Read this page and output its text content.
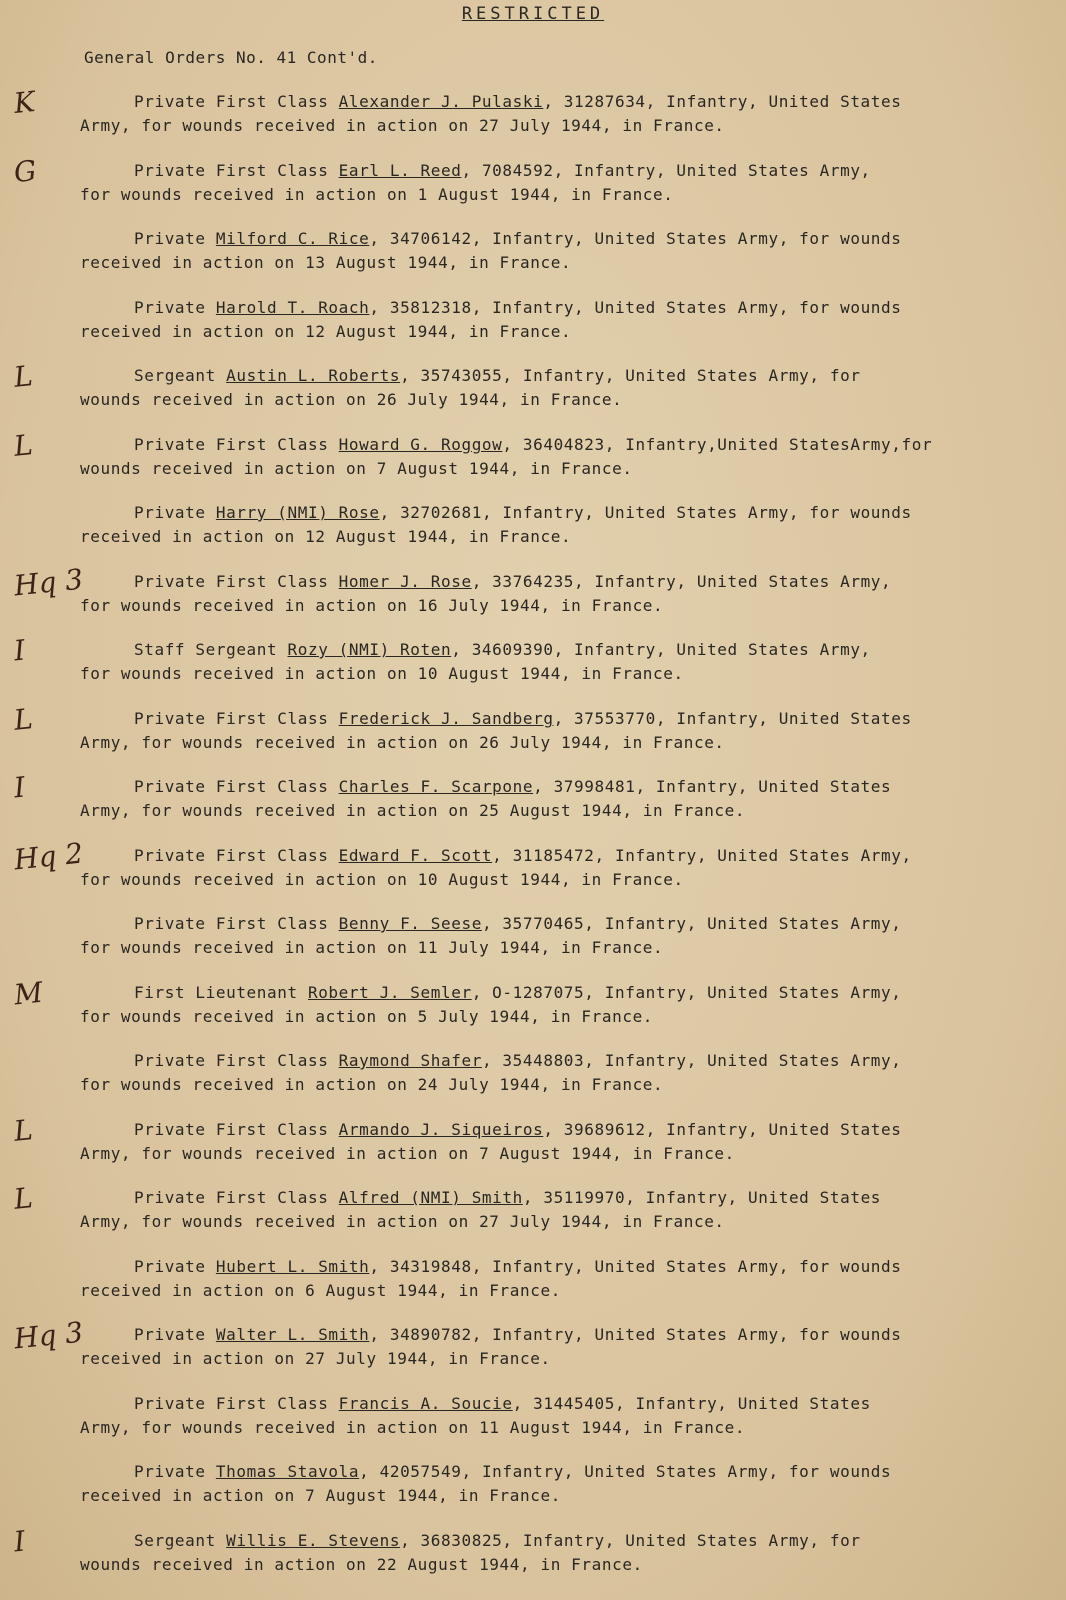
RESTRICTED
General Orders No. 41 Cont'd.
Private First Class Alexander J. Pulaski, 31287634, Infantry, United States
Army, for wounds received in action on 27 July 1944, in France.
K
Private First Class Earl L. Reed, 7084592, Infantry, United States Army,
for wounds received in action on 1 August 1944, in France.
G
Private Milford C. Rice, 34706142, Infantry, United States Army, for wounds
received in action on 13 August 1944, in France.
Private Harold T. Roach, 35812318, Infantry, United States Army, for wounds
received in action on 12 August 1944, in France.
Sergeant Austin L. Roberts, 35743055, Infantry, United States Army, for
wounds received in action on 26 July 1944, in France.
L
Private First Class Howard G. Roggow, 36404823, Infantry,United StatesArmy,for
wounds received in action on 7 August 1944, in France.
L
Private Harry (NMI) Rose, 32702681, Infantry, United States Army, for wounds
received in action on 12 August 1944, in France.
Private First Class Homer J. Rose, 33764235, Infantry, United States Army,
for wounds received in action on 16 July 1944, in France.
Hq 3
Staff Sergeant Rozy (NMI) Roten, 34609390, Infantry, United States Army,
for wounds received in action on 10 August 1944, in France.
I
Private First Class Frederick J. Sandberg, 37553770, Infantry, United States
Army, for wounds received in action on 26 July 1944, in France.
L
Private First Class Charles F. Scarpone, 37998481, Infantry, United States
Army, for wounds received in action on 25 August 1944, in France.
I
Private First Class Edward F. Scott, 31185472, Infantry, United States Army,
for wounds received in action on 10 August 1944, in France.
Hq 2
Private First Class Benny F. Seese, 35770465, Infantry, United States Army,
for wounds received in action on 11 July 1944, in France.
First Lieutenant Robert J. Semler, O-1287075, Infantry, United States Army,
for wounds received in action on 5 July 1944, in France.
M
Private First Class Raymond Shafer, 35448803, Infantry, United States Army,
for wounds received in action on 24 July 1944, in France.
Private First Class Armando J. Siqueiros, 39689612, Infantry, United States
Army, for wounds received in action on 7 August 1944, in France.
L
Private First Class Alfred (NMI) Smith, 35119970, Infantry, United States
Army, for wounds received in action on 27 July 1944, in France.
L
Private Hubert L. Smith, 34319848, Infantry, United States Army, for wounds
received in action on 6 August 1944, in France.
Private Walter L. Smith, 34890782, Infantry, United States Army, for wounds
received in action on 27 July 1944, in France.
Hq 3
Private First Class Francis A. Soucie, 31445405, Infantry, United States
Army, for wounds received in action on 11 August 1944, in France.
Private Thomas Stavola, 42057549, Infantry, United States Army, for wounds
received in action on 7 August 1944, in France.
Sergeant Willis E. Stevens, 36830825, Infantry, United States Army, for
wounds received in action on 22 August 1944, in France.
I
